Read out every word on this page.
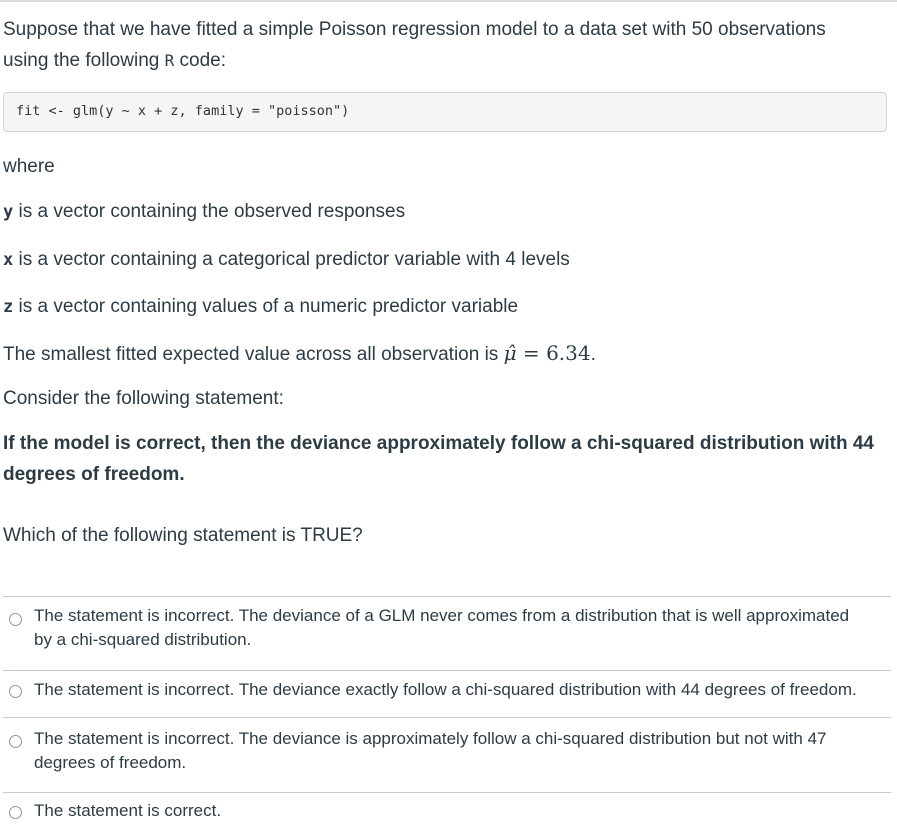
Suppose that we have fitted a simple Poisson regression model to a data set with 50 observations
using the following R code:
fit <- glm(y ~ x + z, family = "poisson")
where
y is a vector containing the observed responses
x is a vector containing a categorical predictor variable with 4 levels
z is a vector containing values of a numeric predictor variable
The smallest fitted expected value across all observation is μ̂ = 6.34.
Consider the following statement:
If the model is correct, then the deviance approximately follow a chi-squared distribution with 44
degrees of freedom.
Which of the following statement is TRUE?
The statement is incorrect. The deviance of a GLM never comes from a distribution that is well approximated
by a chi-squared distribution.
The statement is incorrect. The deviance exactly follow a chi-squared distribution with 44 degrees of freedom.
The statement is incorrect. The deviance is approximately follow a chi-squared distribution but not with 47
degrees of freedom.
The statement is correct.
